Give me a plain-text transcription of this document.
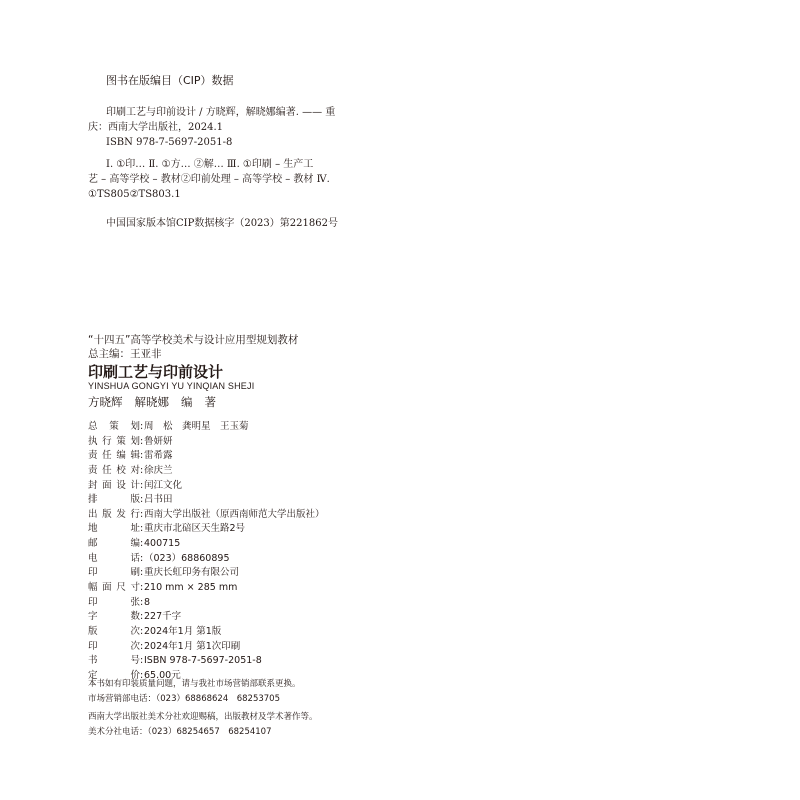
图书在版编目（CIP）数据
印刷工艺与印前设计 / 方晓辉，解晓娜编著. —— 重
庆：西南大学出版社，2024.1
ISBN 978-7-5697-2051-8
Ⅰ. ①印… Ⅱ. ①方… ②解… Ⅲ. ①印刷 – 生产工
艺 – 高等学校 – 教材②印前处理 – 高等学校 – 教材 Ⅳ.
①TS805②TS803.1
中国国家版本馆CIP数据核字（2023）第221862号
“十四五”高等学校美术与设计应用型规划教材
总主编：王亚非
印刷工艺与印前设计
YINSHUA GONGYI YU YINQIAN SHEJI
方晓辉 解晓娜 编 著
总 策 划 : 周　松　龚明星　王玉菊
执行策划 : 鲁妍妍
责任编辑 : 雷希露
责任校对 : 徐庆兰
封面设计 : 闰江文化
排　　版 : 吕书田
出版发行 : 西南大学出版社（原西南师范大学出版社）
地　　址 : 重庆市北碚区天生路2号
邮　　编 : 400715
电　　话 : （023）68860895
印　　刷 : 重庆长虹印务有限公司
幅面尺寸 : 210 mm × 285 mm
印　　张 : 8
字　　数 : 227千字
版　　次 : 2024年1月 第1版
印　　次 : 2024年1月 第1次印刷
书　　号 : ISBN 978-7-5697-2051-8
定　　价 : 65.00元
本书如有印装质量问题，请与我社市场营销部联系更换。
市场营销部电话：（023）68868624　68253705
西南大学出版社美术分社欢迎赐稿，出版教材及学术著作等。
美术分社电话：（023）68254657　68254107
